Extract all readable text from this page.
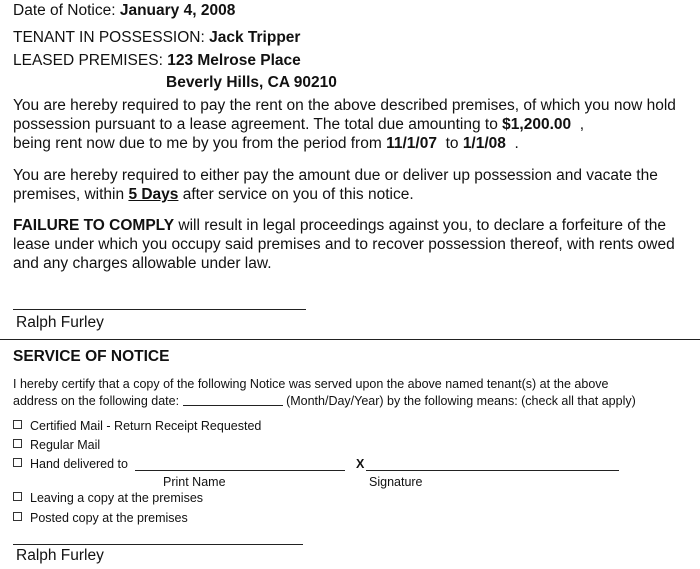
Date of Notice: January 4, 2008
TENANT IN POSSESSION: Jack Tripper
LEASED PREMISES: 123 Melrose Place
Beverly Hills, CA 90210
You are hereby required to pay the rent on the above described premises, of which you now hold possession pursuant to a lease agreement. The total due amounting to $1,200.00 ,
being rent now due to me by you from the period from 11/1/07 to 1/1/08 .
You are hereby required to either pay the amount due or deliver up possession and vacate the premises, within 5 Days after service on you of this notice.
FAILURE TO COMPLY will result in legal proceedings against you, to declare a forfeiture of the lease under which you occupy said premises and to recover possession thereof, with rents owed and any charges allowable under law.
Ralph Furley
SERVICE OF NOTICE
I hereby certify that a copy of the following Notice was served upon the above named tenant(s) at the above
address on the following date:	(Month/Day/Year) by the following means: (check all that apply)
Certified Mail - Return Receipt Requested
Regular Mail
Hand delivered to	X
Print Name	Signature
Leaving a copy at the premises
Posted copy at the premises
Ralph Furley
